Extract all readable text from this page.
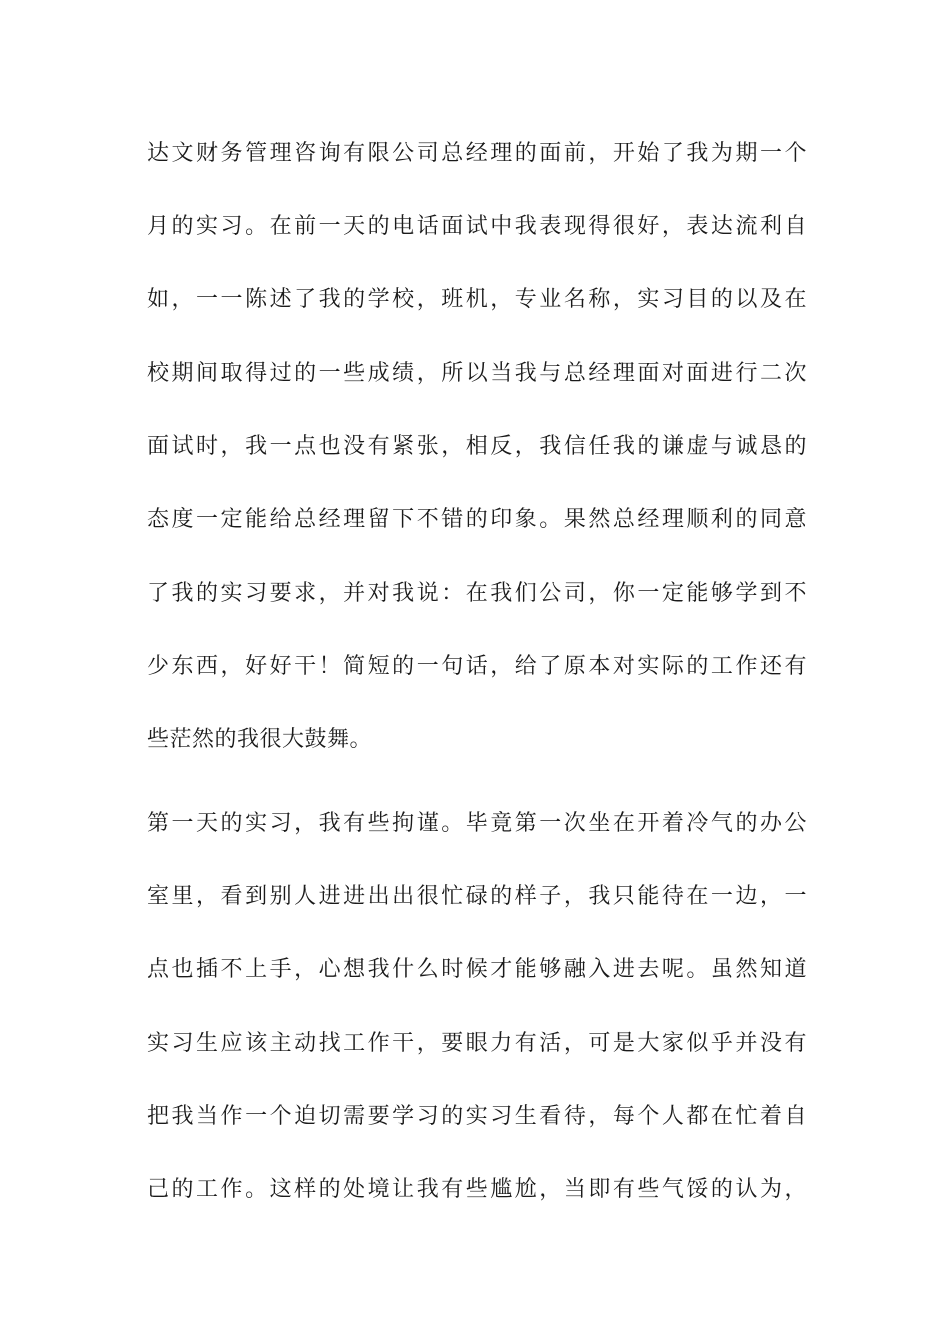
达文财务管理咨询有限公司总经理的面前，开始了我为期一个
月的实习。在前一天的电话面试中我表现得很好，表达流利自
如，一一陈述了我的学校，班机，专业名称，实习目的以及在
校期间取得过的一些成绩，所以当我与总经理面对面进行二次
面试时，我一点也没有紧张，相反，我信任我的谦虚与诚恳的
态度一定能给总经理留下不错的印象。果然总经理顺利的同意
了我的实习要求，并对我说：在我们公司，你一定能够学到不
少东西，好好干！简短的一句话，给了原本对实际的工作还有
些茫然的我很大鼓舞。
第一天的实习，我有些拘谨。毕竟第一次坐在开着冷气的办公
室里，看到别人进进出出很忙碌的样子，我只能待在一边，一
点也插不上手，心想我什么时候才能够融入进去呢。虽然知道
实习生应该主动找工作干，要眼力有活，可是大家似乎并没有
把我当作一个迫切需要学习的实习生看待，每个人都在忙着自
己的工作。这样的处境让我有些尴尬，当即有些气馁的认为，
